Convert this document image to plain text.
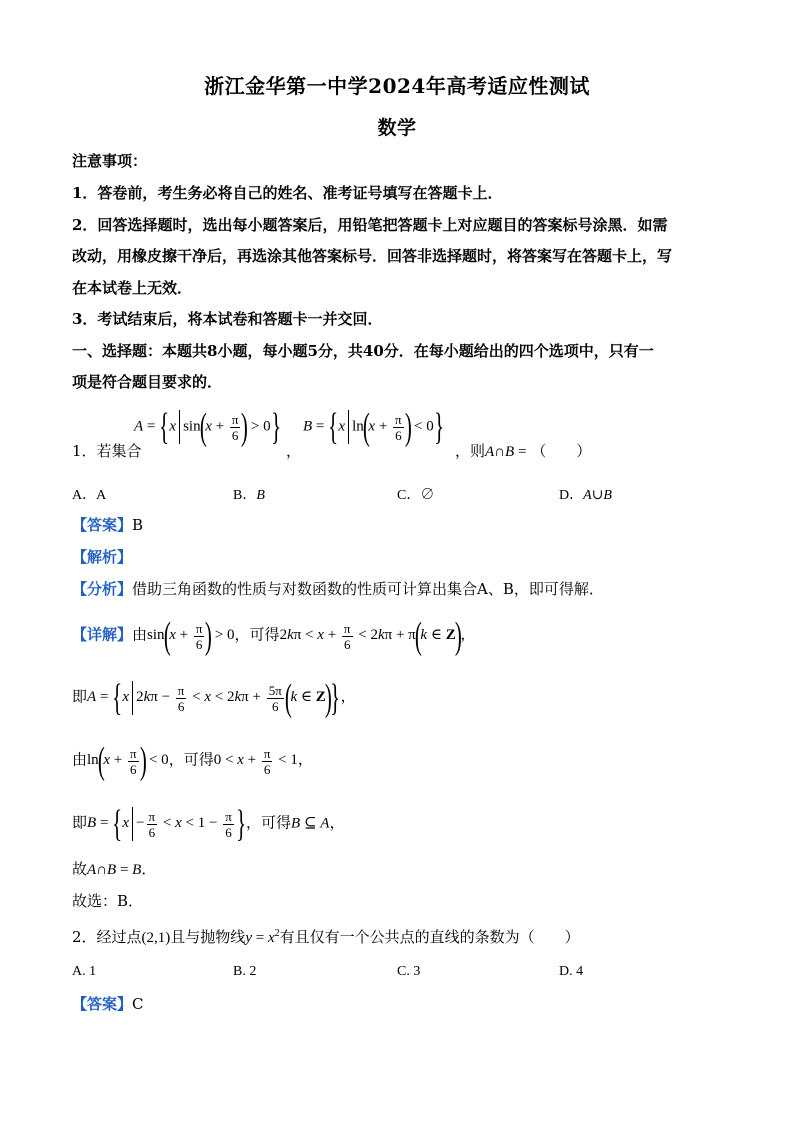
浙江金华第一中学2024年高考适应性测试
数学
注意事项：
1．答卷前，考生务必将自己的姓名、准考证号填写在答题卡上．
2．回答选择题时，选出每小题答案后，用铅笔把答题卡上对应题目的答案标号涂黑．如需
改动，用橡皮擦干净后，再选涂其他答案标号．回答非选择题时，将答案写在答题卡上，写
在本试卷上无效．
3．考试结束后，将本试卷和答题卡一并交回．
一、选择题：本题共8小题，每小题5分，共40分．在每小题给出的四个选项中，只有一
项是符合题目要求的．
1．若集合
A = {x $\sin(x + \frac{\pi}{6}$ ) > 0}
，
B = {x $\ln(x + \frac{\pi}{6}$ ) < 0}
，则A∩B = （　　）
A．A	B．B	C．∅	D．A∪B
【答案】B
【解析】
【分析】借助三角函数的性质与对数函数的性质可计算出集合A、B，即可得解．
【详解】由$\sin(x + \frac{\pi}{6}$ ) > 0，可得$2k\pi < x + \frac{\pi}{6} < 2k\pi + \pi(k$ ∈ Z)，
即A = {x $2k\pi - \frac{\pi}{6} < x < 2k\pi + \frac{5\pi}{6} (k$ ∈ Z)}，
由$\ln(x + \frac{\pi}{6}$ ) < 0，可得$0 < x + \frac{\pi}{6} < 1$，
即$B = \{x - \frac{\pi}{6} < x < 1 - \frac{\pi}{6}$ }，可得B ⊆ A，
故A∩B = B．
故选：B．
2．经过点(2,1)且与抛物线$y = x^2$有且仅有一个公共点的直线的条数为（　　）
A. 1	B. 2	C. 3	D. 4
【答案】C
